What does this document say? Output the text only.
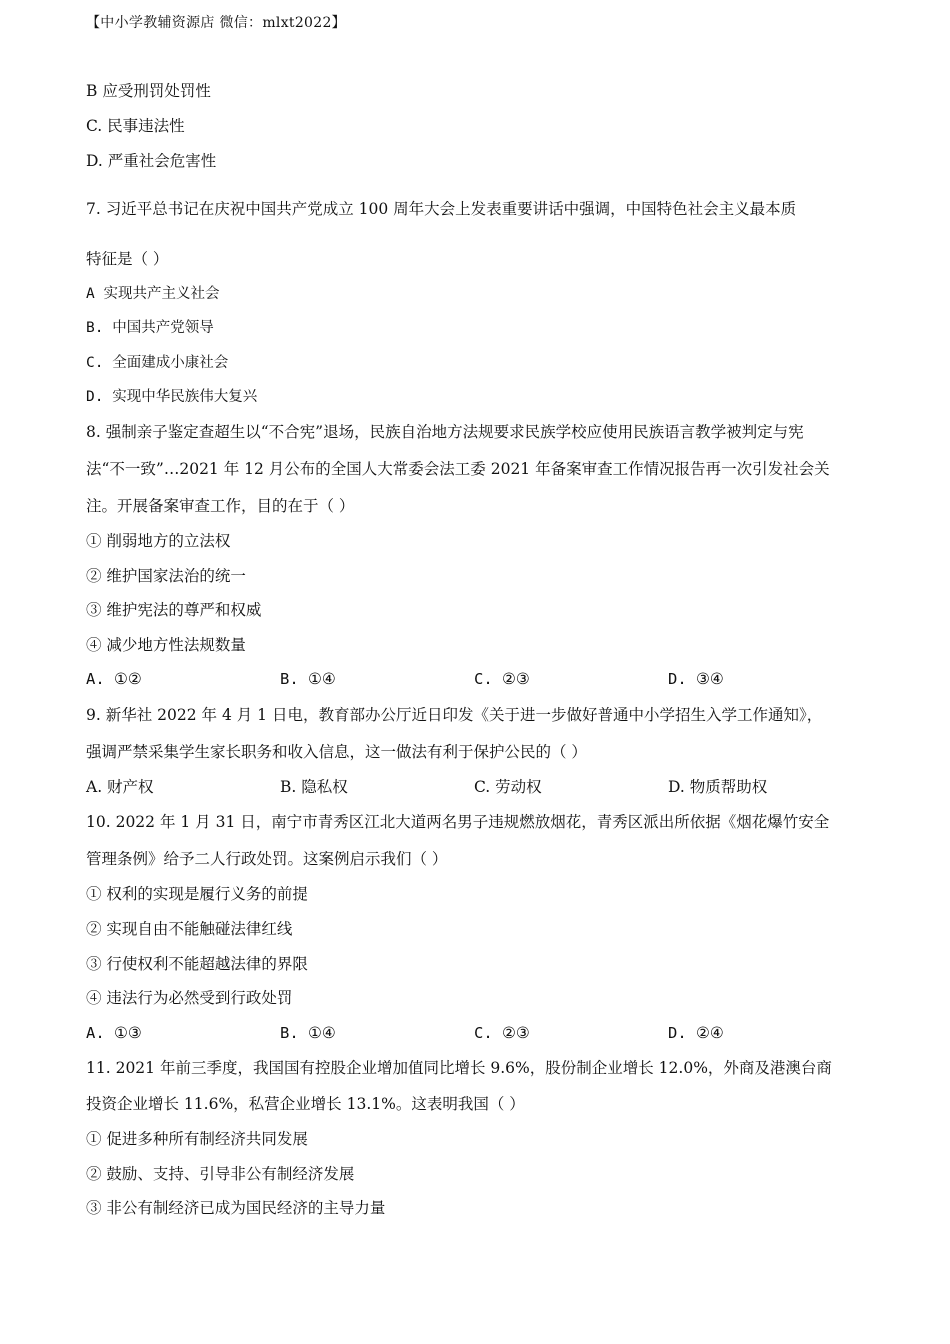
【中小学教辅资源店 微信：mlxt2022】
B 应受刑罚处罚性
C. 民事违法性
D. 严重社会危害性
7. 习近平总书记在庆祝中国共产党成立 100 周年大会上发表重要讲话中强调，中国特色社会主义最本质
特征是（ ）
A 实现共产主义社会
B. 中国共产党领导
C. 全面建成小康社会
D. 实现中华民族伟大复兴
8. 强制亲子鉴定查超生以“不合宪”退场，民族自治地方法规要求民族学校应使用民族语言教学被判定与宪
法“不一致”…2021 年 12 月公布的全国人大常委会法工委 2021 年备案审查工作情况报告再一次引发社会关
注。开展备案审查工作，目的在于（ ）
① 削弱地方的立法权
② 维护国家法治的统一
③ 维护宪法的尊严和权威
④ 减少地方性法规数量
A. ①②	B. ①④	C. ②③	D. ③④
9. 新华社 2022 年 4 月 1 日电，教育部办公厅近日印发《关于进一步做好普通中小学招生入学工作通知》，
强调严禁采集学生家长职务和收入信息，这一做法有利于保护公民的（ ）
A. 财产权	B. 隐私权	C. 劳动权	D. 物质帮助权
10. 2022 年 1 月 31 日，南宁市青秀区江北大道两名男子违规燃放烟花，青秀区派出所依据《烟花爆竹安全
管理条例》给予二人行政处罚。这案例启示我们（ ）
① 权利的实现是履行义务的前提
② 实现自由不能触碰法律红线
③ 行使权利不能超越法律的界限
④ 违法行为必然受到行政处罚
A. ①③	B. ①④	C. ②③	D. ②④
11. 2021 年前三季度，我国国有控股企业增加值同比增长 9.6%，股份制企业增长 12.0%，外商及港澳台商
投资企业增长 11.6%，私营企业增长 13.1%。这表明我国（ ）
① 促进多种所有制经济共同发展
② 鼓励、支持、引导非公有制经济发展
③ 非公有制经济已成为国民经济的主导力量
